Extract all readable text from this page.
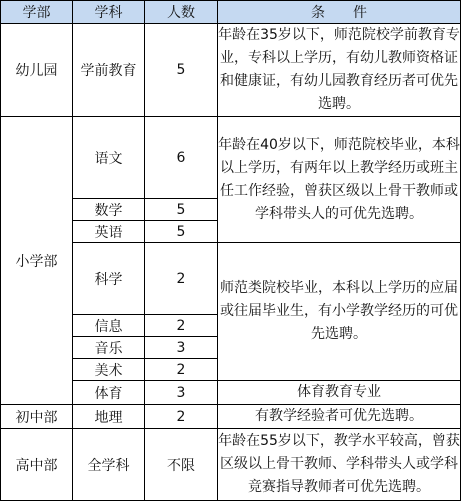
学部	学科	人数	条　　件
幼儿园	学前教育	5	年龄在35岁以下，师范院校学前教育专业，专科以上学历，有幼儿教师资格证和健康证，有幼儿园教育经历者可优先选聘。
小学部	语文	6	年龄在40岁以下，师范院校毕业，本科以上学历，有两年以上教学经历或班主任工作经验，曾获区级以上骨干教师或学科带头人的可优先选聘。
	数学	5	
	英语	5	
	科学	2	师范类院校毕业，本科以上学历的应届或往届毕业生，有小学教学经历的可优先选聘。
	信息	2	
	音乐	3	
	美术	2	
	体育	3	体育教育专业
初中部	地理	2	有教学经验者可优先选聘。
高中部	全学科	不限	年龄在55岁以下，教学水平较高，曾获区级以上骨干教师、学科带头人或学科竞赛指导教师者可优先选聘。
